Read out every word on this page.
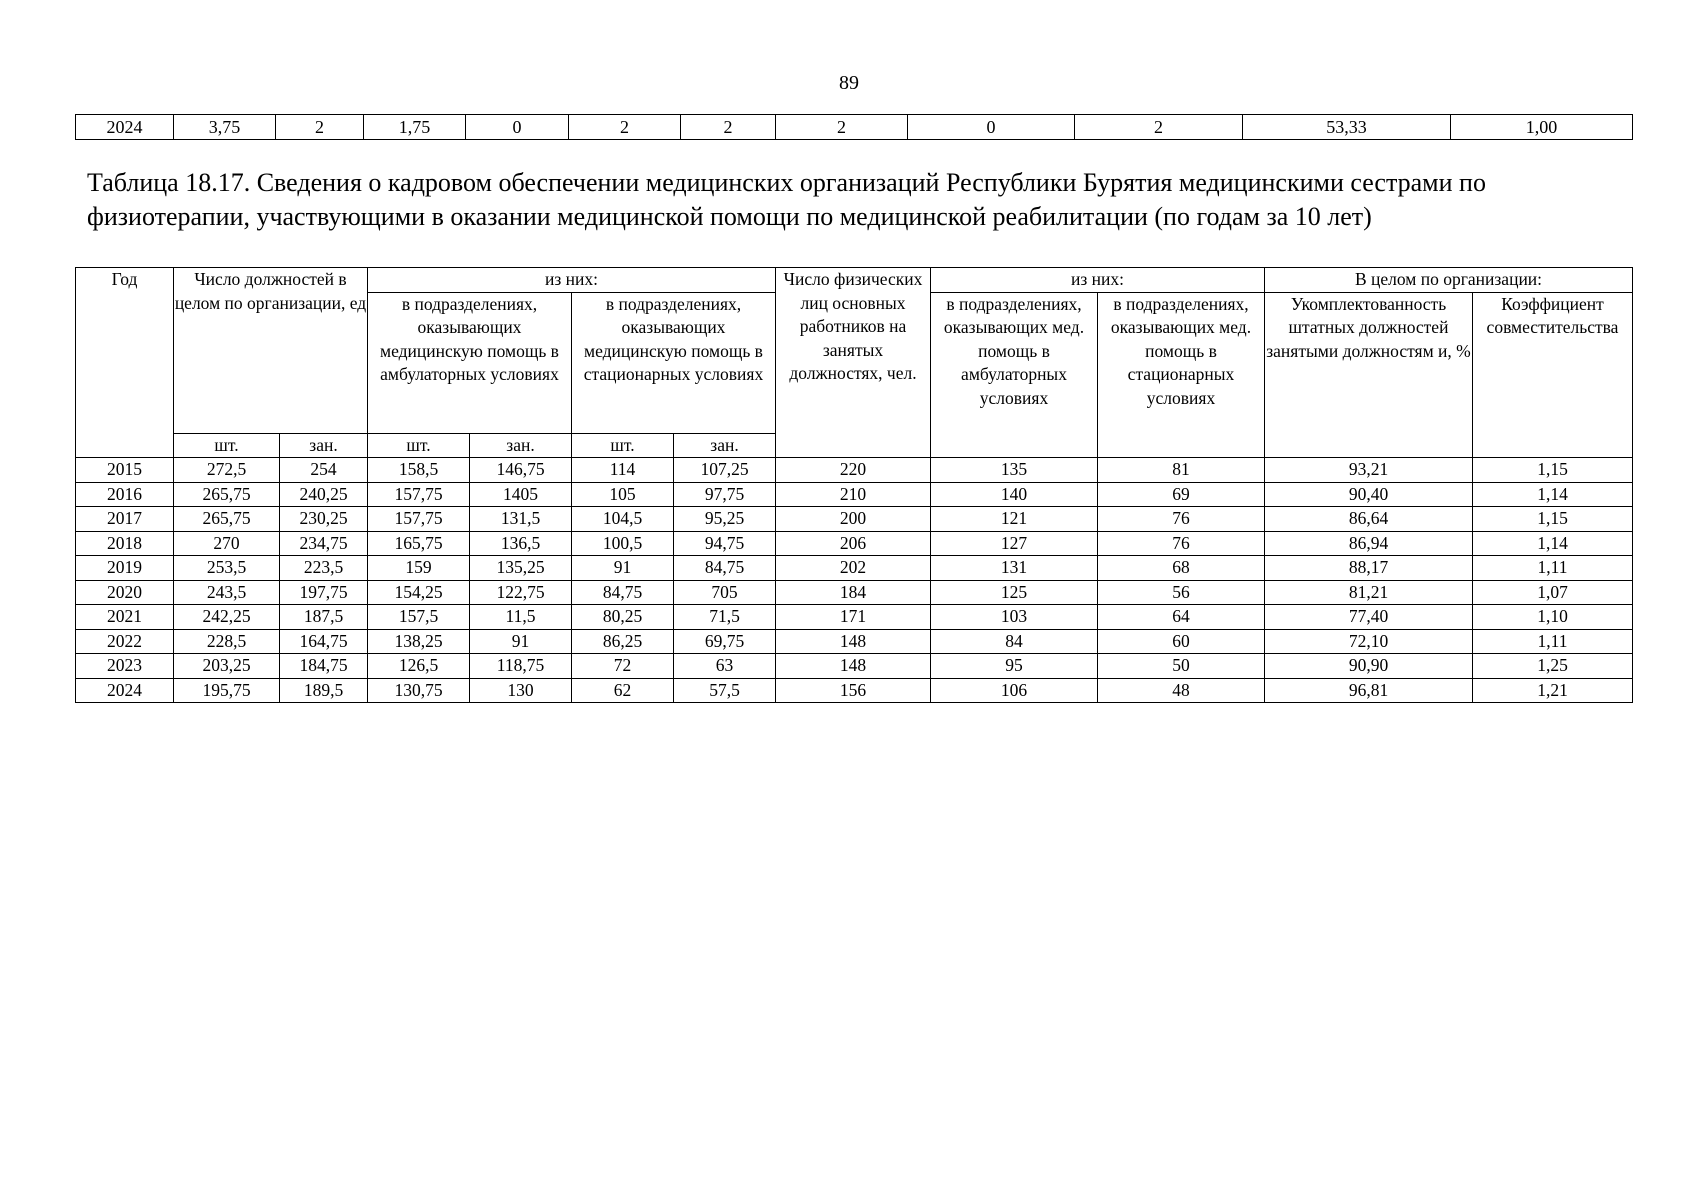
89
2024	3,75	2	1,75	0	2	2	2	0	2	53,33	1,00

Таблица 18.17. Сведения о кадровом обеспечении медицинских организаций Республики Бурятия медицинскими сестрами по физиотерапии, участвующими в оказании медицинской помощи по медицинской реабилитации (по годам за 10 лет)

Год	Число должностей в целом по организации, ед		из них:				Число физических лиц основных работников на занятых должностях, чел.	из них:		В целом по организации:	
			в подразделениях, оказывающих медицинскую помощь в амбулаторных условиях		в подразделениях, оказывающих медицинскую помощь в стационарных условиях			в подразделениях, оказывающих мед. помощь в амбулаторных условиях	в подразделениях, оказывающих мед. помощь в стационарных условиях	Укомплектованность штатных должностей занятыми должностям и, %	Коэффициент совместительства
	шт.	зан.	шт.	зан.	шт.	зан.					
2015	272,5	254	158,5	146,75	114	107,25	220	135	81	93,21	1,15
2016	265,75	240,25	157,75	1405	105	97,75	210	140	69	90,40	1,14
2017	265,75	230,25	157,75	131,5	104,5	95,25	200	121	76	86,64	1,15
2018	270	234,75	165,75	136,5	100,5	94,75	206	127	76	86,94	1,14
2019	253,5	223,5	159	135,25	91	84,75	202	131	68	88,17	1,11
2020	243,5	197,75	154,25	122,75	84,75	705	184	125	56	81,21	1,07
2021	242,25	187,5	157,5	11,5	80,25	71,5	171	103	64	77,40	1,10
2022	228,5	164,75	138,25	91	86,25	69,75	148	84	60	72,10	1,11
2023	203,25	184,75	126,5	118,75	72	63	148	95	50	90,90	1,25
2024	195,75	189,5	130,75	130	62	57,5	156	106	48	96,81	1,21
